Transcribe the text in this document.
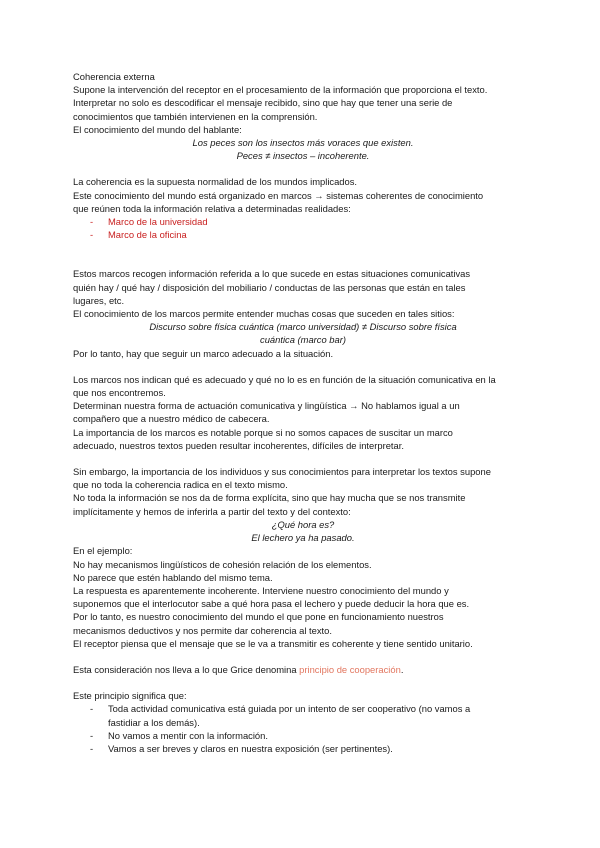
Coherencia externa

Supone la intervención del receptor en el procesamiento de la información que proporciona el texto.

Interpretar no solo es descodificar el mensaje recibido, sino que hay que tener una serie de

conocimientos que también intervienen en la comprensión.

El conocimiento del mundo del hablante:

Los peces son los insectos más voraces que existen.

Peces ≠ insectos – incoherente.

La coherencia es la supuesta normalidad de los mundos implicados.

Este conocimiento del mundo está organizado en marcos → sistemas coherentes de conocimiento

que reúnen toda la información relativa a determinadas realidades:

- Marco de la universidad
- Marco de la oficina

Estos marcos recogen información referida a lo que sucede en estas situaciones comunicativas

quién hay / qué hay / disposición del mobiliario / conductas de las personas que están en tales

lugares, etc.

El conocimiento de los marcos permite entender muchas cosas que suceden en tales sitios:

Discurso sobre física cuántica (marco universidad) ≠ Discurso sobre física

cuántica (marco bar)

Por lo tanto, hay que seguir un marco adecuado a la situación.

Los marcos nos indican qué es adecuado y qué no lo es en función de la situación comunicativa en la

que nos encontremos.

Determinan nuestra forma de actuación comunicativa y lingüística → No hablamos igual a un

compañero que a nuestro médico de cabecera.

La importancia de los marcos es notable porque si no somos capaces de suscitar un marco

adecuado, nuestros textos pueden resultar incoherentes, difíciles de interpretar.

Sin embargo, la importancia de los individuos y sus conocimientos para interpretar los textos supone

que no toda la coherencia radica en el texto mismo.

No toda la información se nos da de forma explícita, sino que hay mucha que se nos transmite

implícitamente y hemos de inferirla a partir del texto y del contexto:

¿Qué hora es?

El lechero ya ha pasado.

En el ejemplo:

No hay mecanismos lingüísticos de cohesión relación de los elementos.

No parece que estén hablando del mismo tema.

La respuesta es aparentemente incoherente. Interviene nuestro conocimiento del mundo y

suponemos que el interlocutor sabe a qué hora pasa el lechero y puede deducir la hora que es.

Por lo tanto, es nuestro conocimiento del mundo el que pone en funcionamiento nuestros

mecanismos deductivos y nos permite dar coherencia al texto.

El receptor piensa que el mensaje que se le va a transmitir es coherente y tiene sentido unitario.

Esta consideración nos lleva a lo que Grice denomina principio de cooperación.

Este principio significa que:

- Toda actividad comunicativa está guiada por un intento de ser cooperativo (no vamos a
fastidiar a los demás).
- No vamos a mentir con la información.
- Vamos a ser breves y claros en nuestra exposición (ser pertinentes).
